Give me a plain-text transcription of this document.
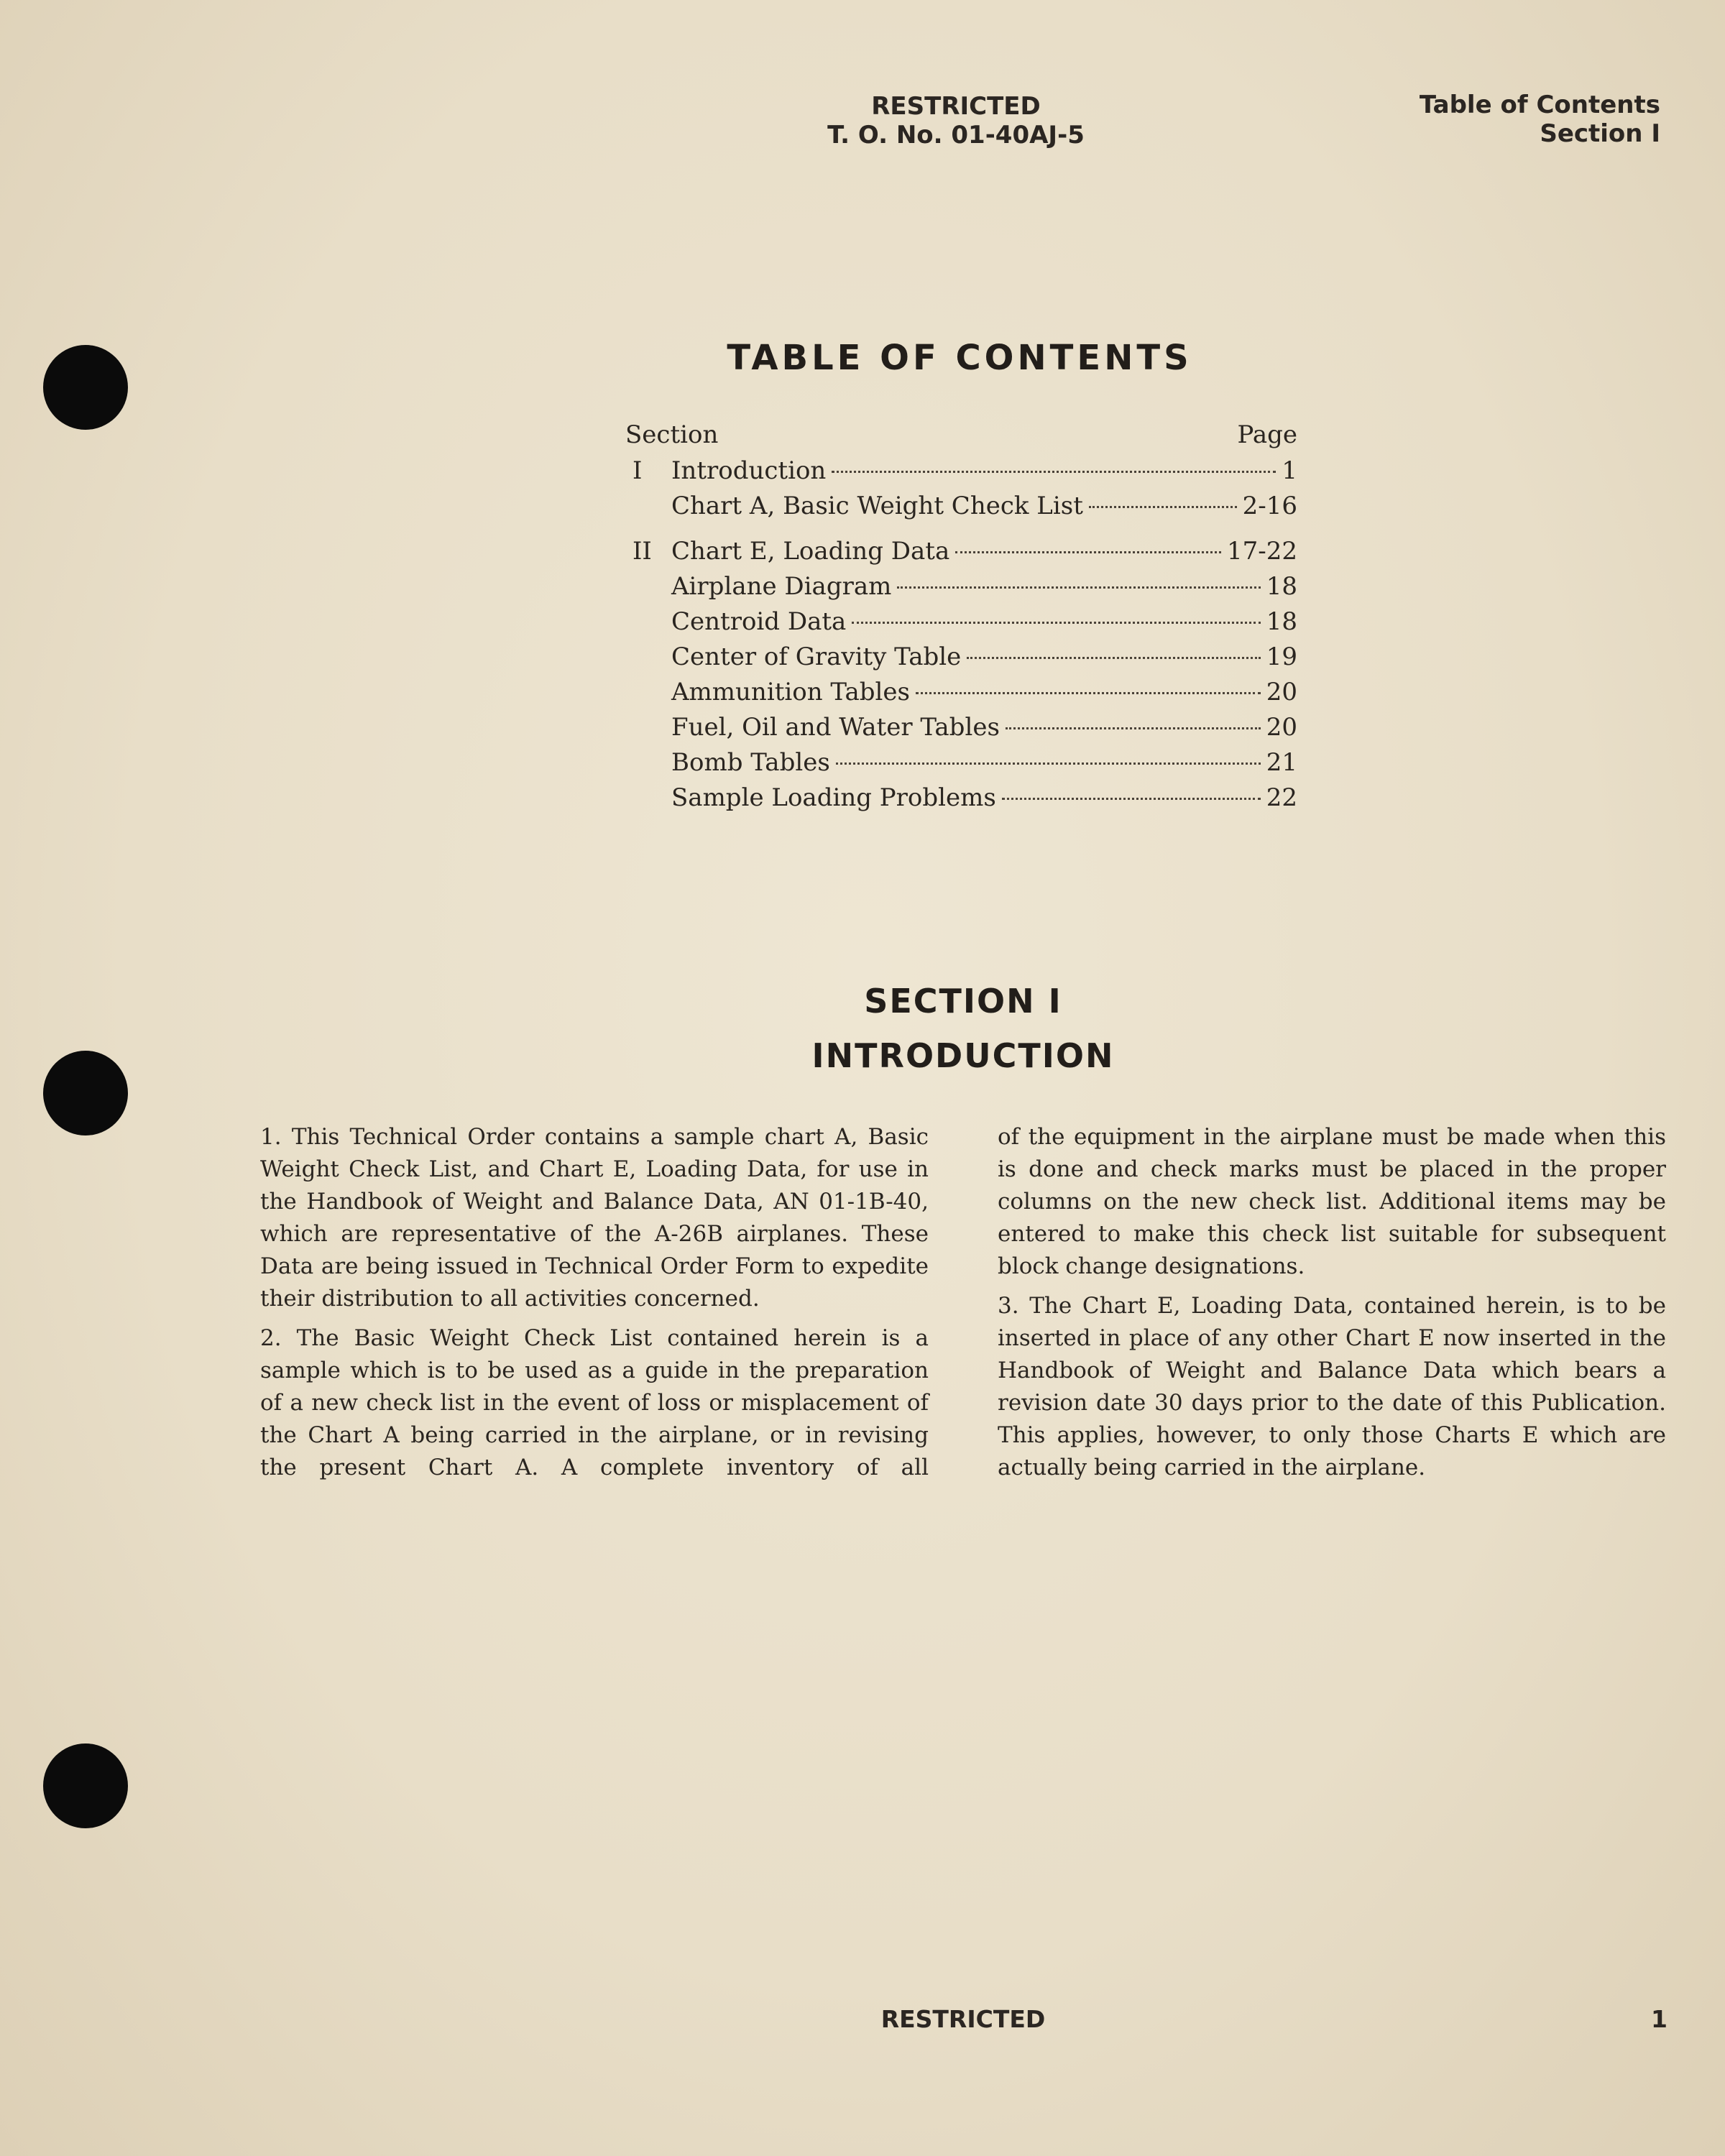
RESTRICTED
T. O. No. 01-40AJ-5
Table of Contents
Section I
TABLE OF CONTENTS
Section	Page
I	Introduction	1
Chart A, Basic Weight Check List	2-16
II Chart E, Loading Data	17-22
Airplane Diagram	18
Centroid Data	18
Center of Gravity Table	19
Ammunition Tables	20
Fuel, Oil and Water Tables	20
Bomb Tables	21
Sample Loading Problems	22
SECTION I
INTRODUCTION

1. This Technical Order contains a sample chart A, Basic Weight Check List, and Chart E, Loading Data, for use in the Handbook of Weight and Balance Data, AN 01-1B-40, which are representative of the A-26B airplanes. These Data are being issued in Technical Order Form to expedite their distribution to all activities concerned.

2. The Basic Weight Check List contained herein is a sample which is to be used as a guide in the preparation of a new check list in the event of loss or misplacement of the Chart A being carried in the airplane, or in revising the present Chart A. A complete inventory of all

of the equipment in the airplane must be made when this is done and check marks must be placed in the proper columns on the new check list. Additional items may be entered to make this check list suitable for subsequent block change designations.

3. The Chart E, Loading Data, contained herein, is to be inserted in place of any other Chart E now inserted in the Handbook of Weight and Balance Data which bears a revision date 30 days prior to the date of this Publication. This applies, however, to only those Charts E which are actually being carried in the airplane.

RESTRICTED	1
